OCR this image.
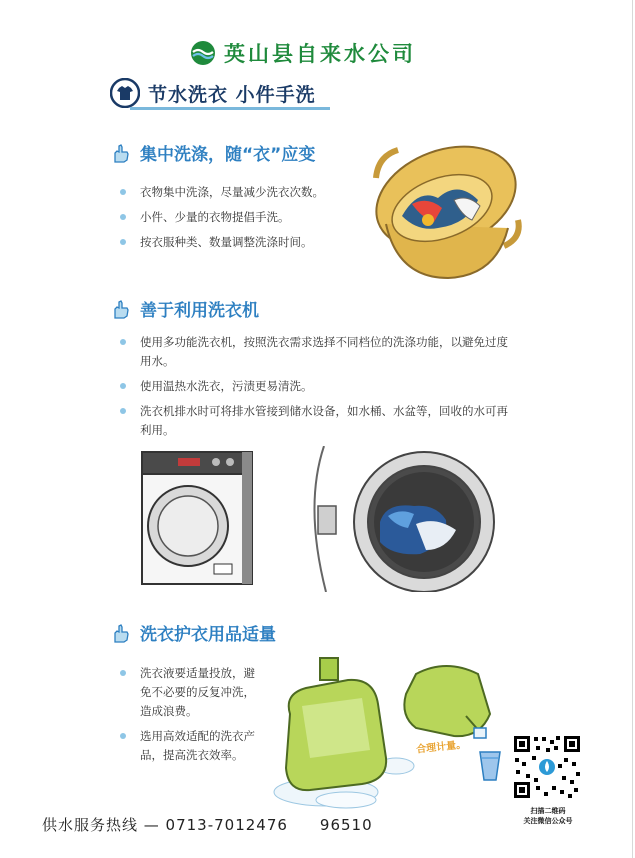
英山县自来水公司
节水洗衣 小件手洗
集中洗涤，随“衣”应变
衣物集中洗涤，尽量减少洗衣次数。
小件、少量的衣物提倡手洗。
按衣服种类、数量调整洗涤时间。
善于利用洗衣机
使用多功能洗衣机，按照洗衣需求选择不同档位的洗涤功能，以避免过度用水。
使用温热水洗衣，污渍更易清洗。
洗衣机排水时可将排水管接到储水设备，如水桶、水盆等，回收的水可再利用。
洗衣护衣用品适量
洗衣液要适量投放，避免不必要的反复冲洗，造成浪费。
选用高效适配的洗衣产品，提高洗衣效率。	合理计量。
扫描二维码
关注微信公众号
供水服务热线 — 0713-7012476　　96510
